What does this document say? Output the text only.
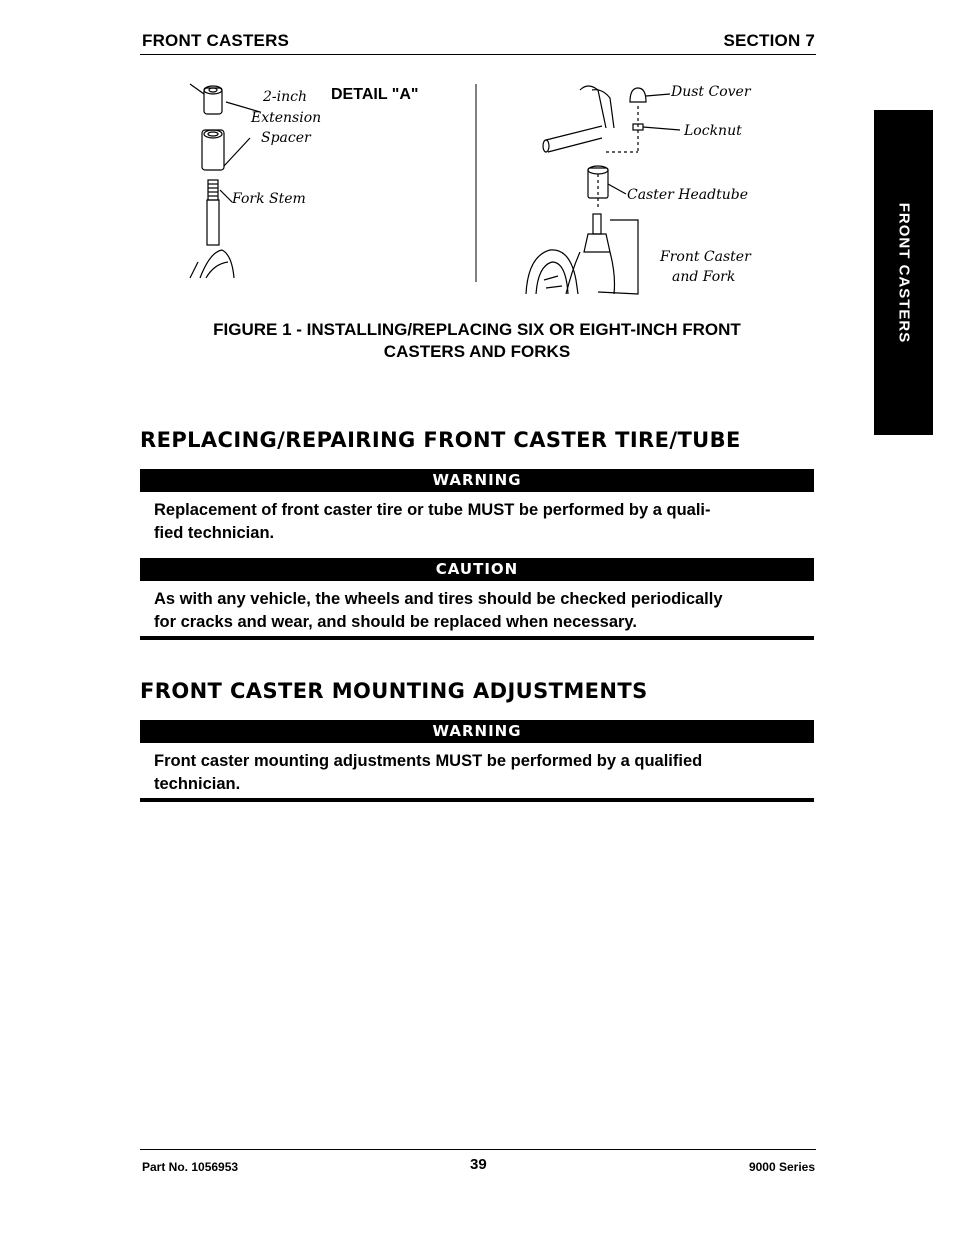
FRONT CASTERS	SECTION 7
FRONT CASTERS
2-inch
Extension
Spacer
Fork Stem
DETAIL "A"	Dust Cover
Locknut
Caster Headtube
Front Caster
and Fork
FIGURE 1 - INSTALLING/REPLACING SIX OR EIGHT-INCH FRONT
CASTERS AND FORKS
REPLACING/REPAIRING FRONT CASTER TIRE/TUBE
WARNING
Replacement of front caster tire or tube MUST be performed by a quali-
fied technician.
CAUTION
As with any vehicle, the wheels and tires should be checked periodically
for cracks and wear, and should be replaced when necessary.
FRONT CASTER MOUNTING ADJUSTMENTS
WARNING
Front caster mounting adjustments MUST be performed by a qualified
technician.
Part No. 1056953	39	9000 Series
